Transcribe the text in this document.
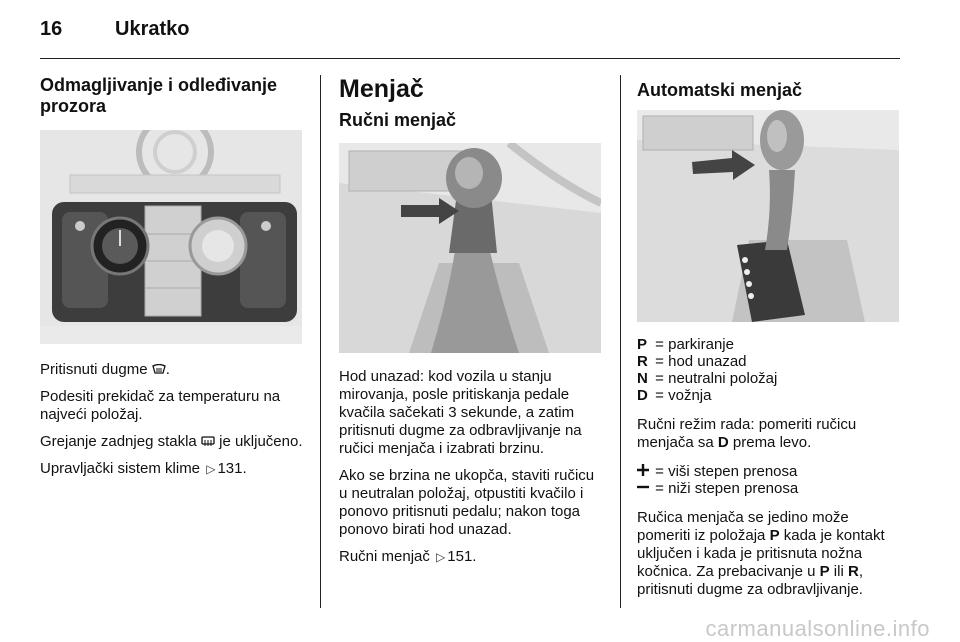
16	Ukratko
Odmagljivanje i odleđivanje prozora

Pritisnuti dugme .

Podesiti prekidač za temperaturu na najveći položaj.

Grejanje zadnjeg stakla je uključeno.

Upravljački sistem klime ▷ 131.

Menjač
Ručni menjač

Hod unazad: kod vozila u stanju mirovanja, posle pritiskanja pedale kvačila sačekati 3 sekunde, a zatim pritisnuti dugme za odbravljivanje na ručici menjača i izabrati brzinu.

Ako se brzina ne ukopča, staviti ručicu u neutralan položaj, otpustiti kvačilo i ponovo pritisnuti pedalu; nakon toga ponovo birati hod unazad.

Ručni menjač ▷ 151.

Automatski menjač
P = parkiranje
R = hod unazad
N = neutralni položaj
D = vožnja

Ručni režim rada: pomeriti ručicu menjača sa D prema levo.

= viši stepen prenosa
= niži stepen prenosa

Ručica menjača se jedino može pomeriti iz položaja P kada je kontakt uključen i kada je pritisnuta nožna kočnica. Za prebacivanje u P ili R, pritisnuti dugme za odbravljivanje.

carmanualsonline.info
